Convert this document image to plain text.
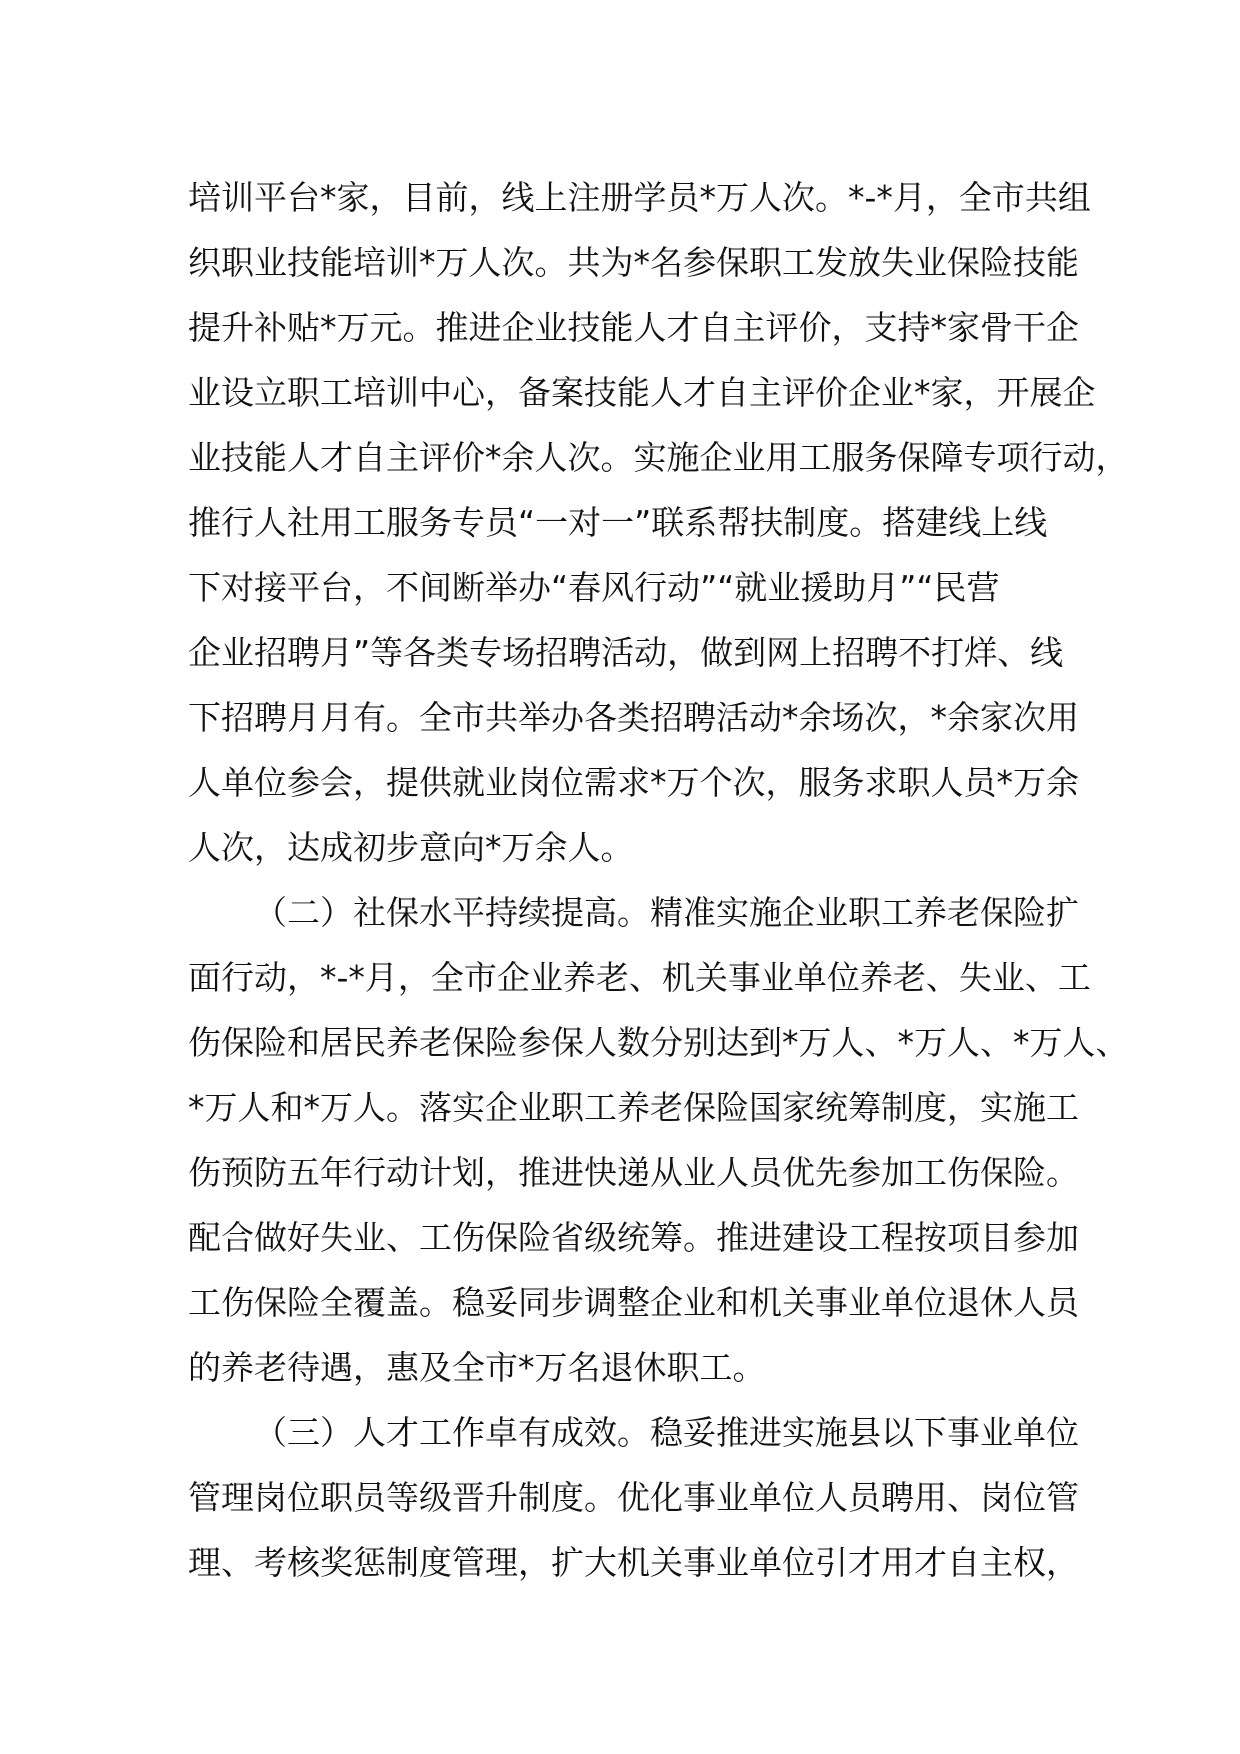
培训平台*家，目前，线上注册学员*万人次。*-*月，全市共组
织职业技能培训*万人次。共为*名参保职工发放失业保险技能
提升补贴*万元。推进企业技能人才自主评价，支持*家骨干企
业设立职工培训中心，备案技能人才自主评价企业*家，开展企
业技能人才自主评价*余人次。实施企业用工服务保障专项行动，
推行人社用工服务专员“一对一”联系帮扶制度。搭建线上线
下对接平台，不间断举办“春风行动”“就业援助月”“民营
企业招聘月”等各类专场招聘活动，做到网上招聘不打烊、线
下招聘月月有。全市共举办各类招聘活动*余场次，*余家次用
人单位参会，提供就业岗位需求*万个次，服务求职人员*万余
人次，达成初步意向*万余人。
（二）社保水平持续提高。精准实施企业职工养老保险扩
面行动，*-*月，全市企业养老、机关事业单位养老、失业、工
伤保险和居民养老保险参保人数分别达到*万人、*万人、*万人、
*万人和*万人。落实企业职工养老保险国家统筹制度，实施工
伤预防五年行动计划，推进快递从业人员优先参加工伤保险。
配合做好失业、工伤保险省级统筹。推进建设工程按项目参加
工伤保险全覆盖。稳妥同步调整企业和机关事业单位退休人员
的养老待遇，惠及全市*万名退休职工。
（三）人才工作卓有成效。稳妥推进实施县以下事业单位
管理岗位职员等级晋升制度。优化事业单位人员聘用、岗位管
理、考核奖惩制度管理，扩大机关事业单位引才用才自主权，
